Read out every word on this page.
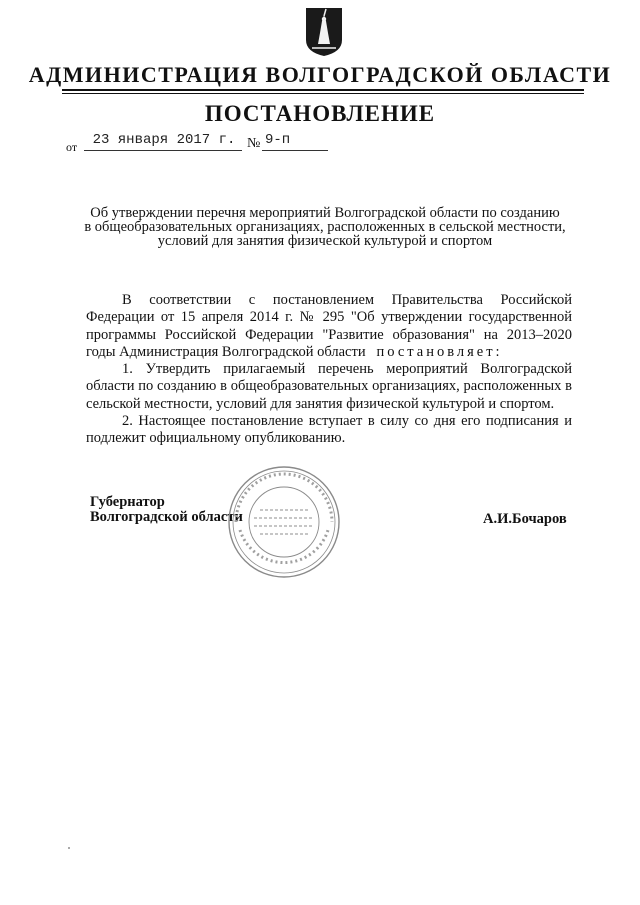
АДМИНИСТРАЦИЯ ВОЛГОГРАДСКОЙ ОБЛАСТИ
ПОСТАНОВЛЕНИЕ
от	23 января 2017 г. № 9-п
Об утверждении перечня мероприятий Волгоградской области по созданию
в общеобразовательных организациях, расположенных в сельской местности,
условий для занятия физической культурой и спортом
В соответствии с постановлением Правительства Российской Федерации от 15 апреля 2014 г. № 295 "Об утверждении государственной программы Российской Федерации "Развитие образования" на 2013–2020 годы Администрация Волгоградской области постановляет:
1. Утвердить прилагаемый перечень мероприятий Волгоградской области по созданию в общеобразовательных организациях, расположенных в сельской местности, условий для занятия физической культурой и спортом.
2. Настоящее постановление вступает в силу со дня его подписания и подлежит официальному опубликованию.
Губернатор
Волгоградской области	А.И.Бочаров
